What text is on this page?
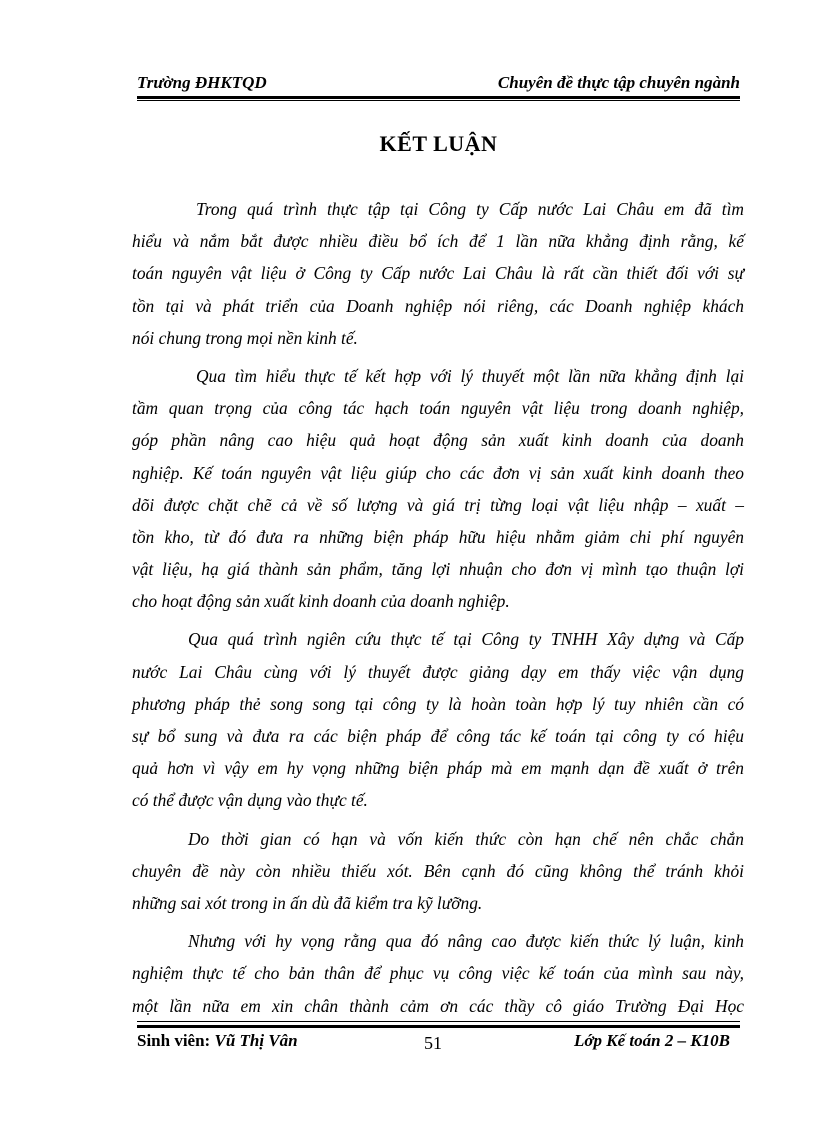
Trường ĐHKTQD	Chuyên đề thực tập chuyên ngành
KẾT LUẬN
Trong quá trình thực tập tại Công ty Cấp nước Lai Châu em đã tìm
hiểu và nắm bắt được nhiều điều bổ ích để 1 lần nữa khẳng định rằng, kế
toán nguyên vật liệu ở Công ty Cấp nước Lai Châu là rất cần thiết đối với sự
tồn tại và phát triển của Doanh nghiệp nói riêng, các Doanh nghiệp khách
nói chung trong mọi nền kinh tế.
Qua tìm hiểu thực tế kết hợp với lý thuyết một lần nữa khẳng định lại
tầm quan trọng của công tác hạch toán nguyên vật liệu trong doanh nghiệp,
góp phần nâng cao hiệu quả hoạt động sản xuất kinh doanh của doanh
nghiệp. Kế toán nguyên vật liệu giúp cho các đơn vị sản xuất kinh doanh theo
dõi được chặt chẽ cả về số lượng và giá trị từng loại vật liệu nhập – xuất –
tồn kho, từ đó đưa ra những biện pháp hữu hiệu nhằm giảm chi phí nguyên
vật liệu, hạ giá thành sản phẩm, tăng lợi nhuận cho đơn vị mình tạo thuận lợi
cho hoạt động sản xuất kinh doanh của doanh nghiệp.
Qua quá trình ngiên cứu thực tế tại Công ty TNHH Xây dựng và Cấp
nước Lai Châu cùng với lý thuyết được giảng dạy em thấy việc vận dụng
phương pháp thẻ song song tại công ty là hoàn toàn hợp lý tuy nhiên cần có
sự bổ sung và đưa ra các biện pháp để công tác kế toán tại công ty có hiệu
quả hơn vì vậy em hy vọng những biện pháp mà em mạnh dạn đề xuất ở trên
có thể được vận dụng vào thực tế.
Do thời gian có hạn và vốn kiến thức còn hạn chế nên chắc chắn
chuyên đề này còn nhiều thiếu xót. Bên cạnh đó cũng không thể tránh khỏi
những sai xót trong in ấn dù đã kiểm tra kỹ lưỡng.
Nhưng với hy vọng rằng qua đó nâng cao được kiến thức lý luận, kinh
nghiệm thực tế cho bản thân để phục vụ công việc kế toán của mình sau này,
một lần nữa em xin chân thành cảm ơn các thầy cô giáo Trường Đại Học
Sinh viên: Vũ Thị Vân	51	Lớp Kế toán 2 – K10B
